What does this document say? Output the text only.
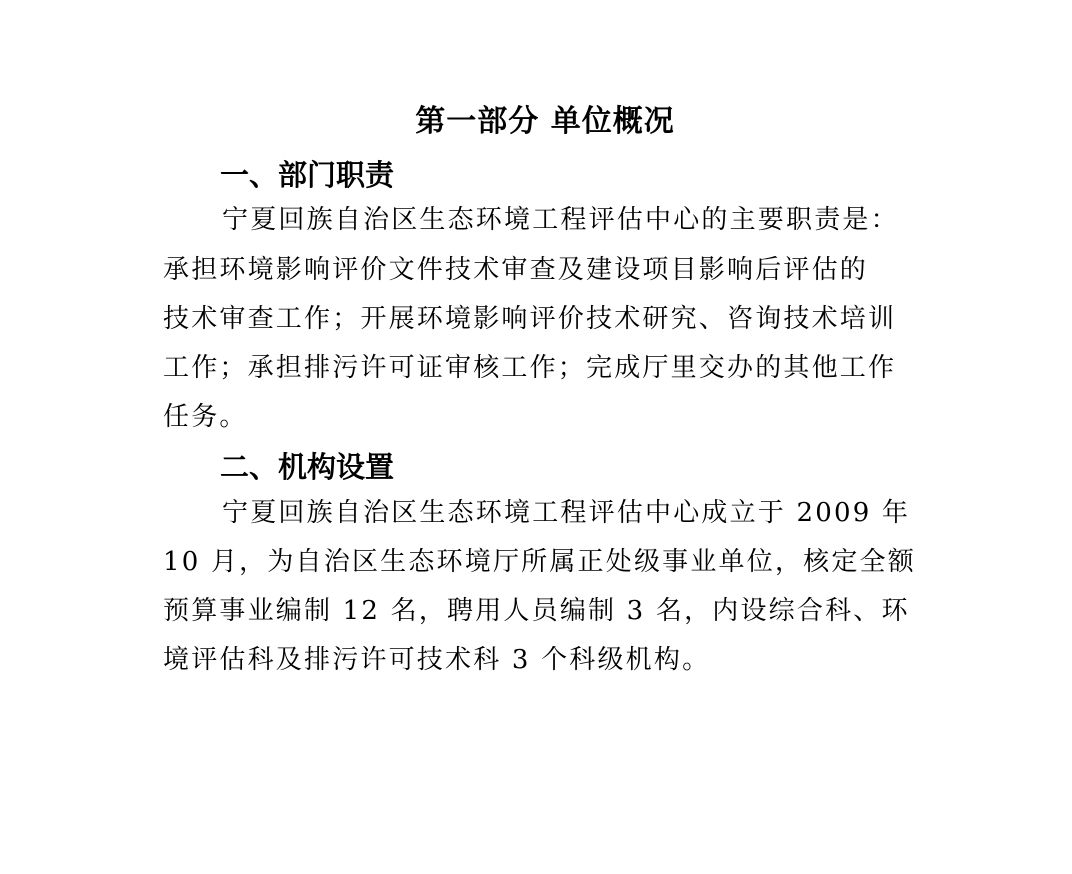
第一部分 单位概况
一、部门职责
宁夏回族自治区生态环境工程评估中心的主要职责是：
承担环境影响评价文件技术审查及建设项目影响后评估的
技术审查工作；开展环境影响评价技术研究、咨询技术培训
工作；承担排污许可证审核工作；完成厅里交办的其他工作
任务。
二、机构设置
宁夏回族自治区生态环境工程评估中心成立于 2009 年
10 月，为自治区生态环境厅所属正处级事业单位，核定全额
预算事业编制 12 名，聘用人员编制 3 名，内设综合科、环
境评估科及排污许可技术科 3 个科级机构。
